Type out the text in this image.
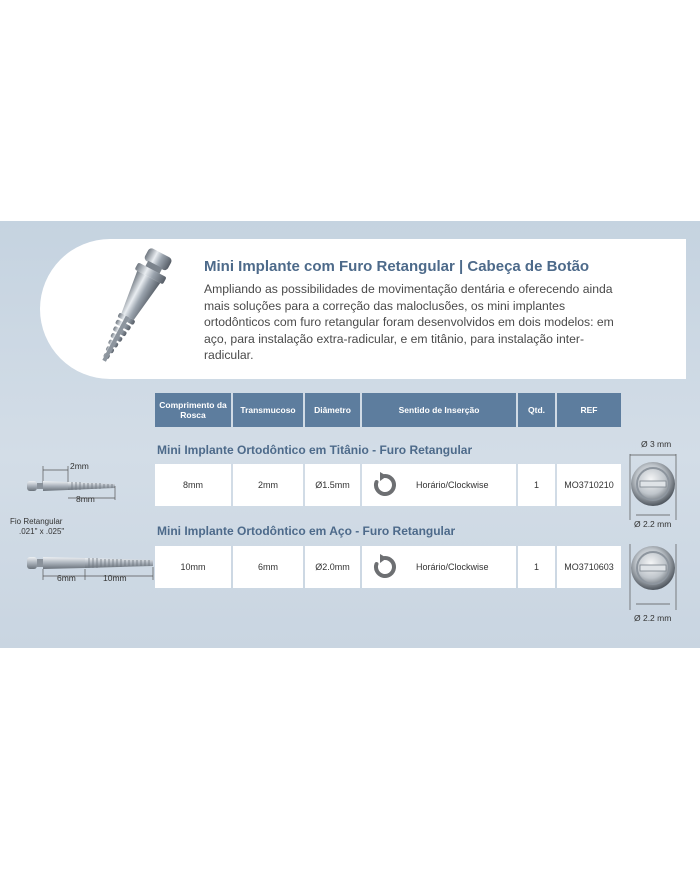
Mini Implante com Furo Retangular | Cabeça de Botão
Ampliando as possibilidades de movimentação dentária e oferecendo ainda mais soluções para a correção das maloclusões, os mini implantes ortodônticos com furo retangular foram desenvolvidos em dois modelos: em aço, para instalação extra-radicular, e em titânio, para instalação inter-radicular.
Comprimento da Rosca	Transmucoso	Diâmetro	Sentido de Inserção	Qtd.	REF
Mini Implante Ortodôntico em Titânio - Furo Retangular
8mm	2mm	Ø1.5mm	Horário/Clockwise	1	MO3710210
Mini Implante Ortodôntico em Aço - Furo Retangular
10mm	6mm	Ø2.0mm	Horário/Clockwise	1	MO3710603
2mm
8mm
Fio Retangular
.021" x .025"
6mm	10mm
Ø 3 mm
Ø 2.2 mm
Ø 2.2 mm
